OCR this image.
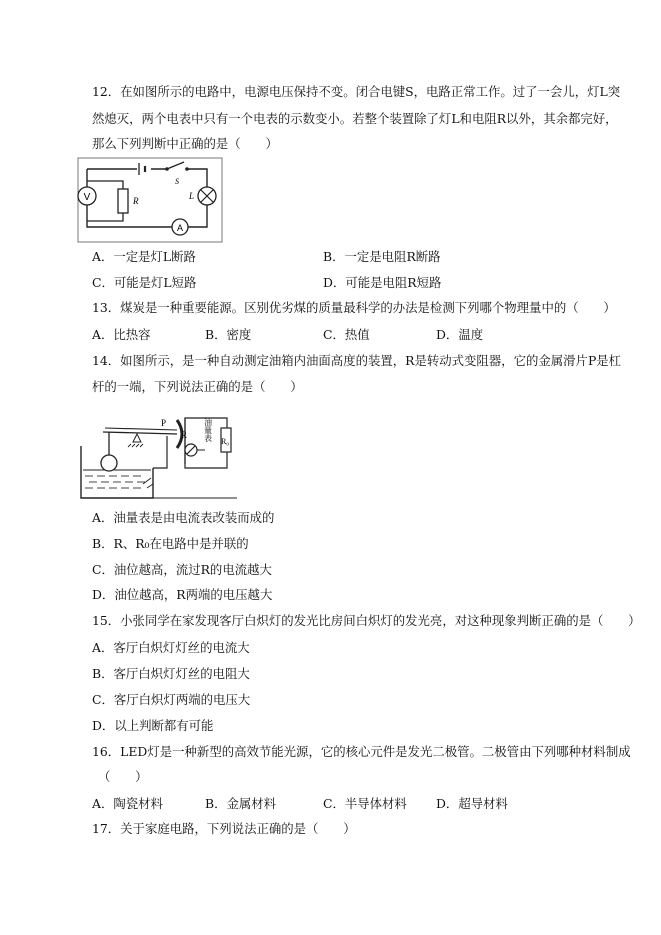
12．在如图所示的电路中，电源电压保持不变。闭合电键S，电路正常工作。过了一会儿，灯L突
然熄灭，两个电表中只有一个电表的示数变小。若整个装置除了灯L和电阻R以外，其余都完好，
那么下列判断中正确的是（　　）
V	R
S
L
A
A．一定是灯L断路	B．一定是电阻R断路
C．可能是灯L短路	D．可能是电阻R短路
13．煤炭是一种重要能源。区别优劣煤的质量最科学的办法是检测下列哪个物理量中的（　　）
A．比热容	B．密度	C．热值	D．温度
14．如图所示，是一种自动测定油箱内油面高度的装置，R是转动式变阻器，它的金属滑片P是杠
杆的一端，下列说法正确的是（　　）
P
R
R₀
油量表
A．油量表是由电流表改装而成的
B．R、R₀在电路中是并联的
C．油位越高，流过R的电流越大
D．油位越高，R两端的电压越大
15．小张同学在家发现客厅白炽灯的发光比房间白炽灯的发光亮，对这种现象判断正确的是（　　）
A．客厅白炽灯灯丝的电流大
B．客厅白炽灯灯丝的电阻大
C．客厅白炽灯两端的电压大
D．以上判断都有可能
16．LED灯是一种新型的高效节能光源，它的核心元件是发光二极管。二极管由下列哪种材料制成
（　　）
A．陶瓷材料	B．金属材料	C．半导体材料 D．超导材料
17．关于家庭电路，下列说法正确的是（　　）
